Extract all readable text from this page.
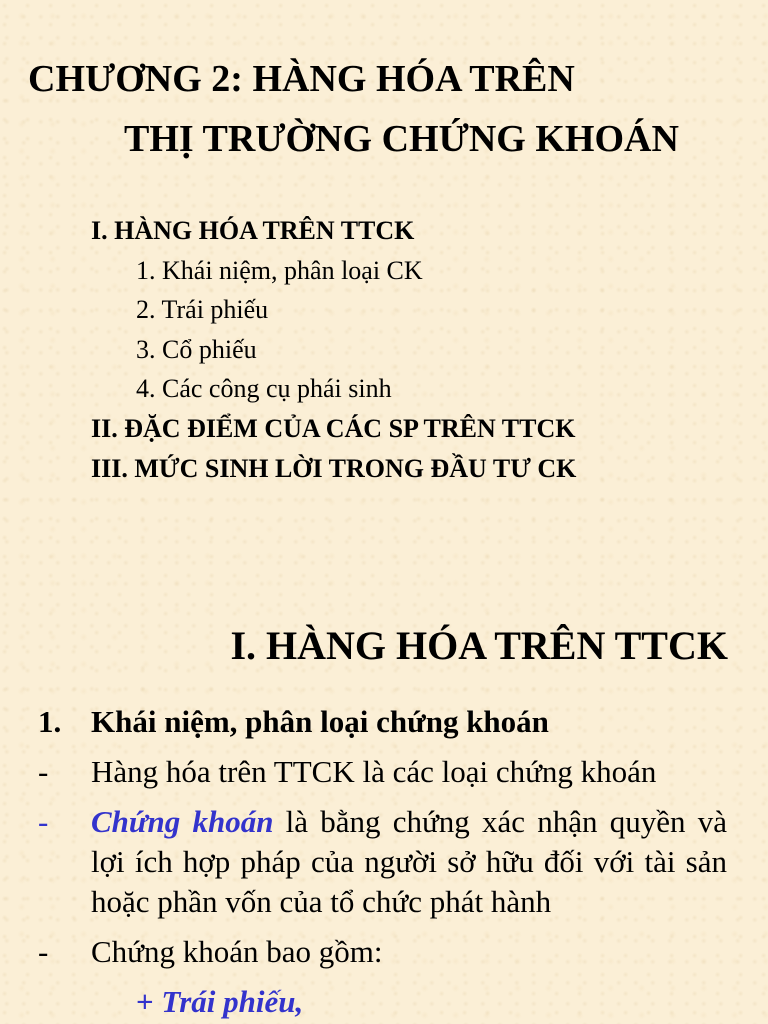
CHƯƠNG 2: HÀNG HÓA TRÊN
THỊ TRƯỜNG CHỨNG KHOÁN
I. HÀNG HÓA TRÊN TTCK
1. Khái niệm, phân loại CK
2. Trái phiếu
3. Cổ phiếu
4. Các công cụ phái sinh
II. ĐẶC ĐIỂM CỦA CÁC SP TRÊN TTCK
III. MỨC SINH LỜI TRONG ĐẦU TƯ CK
I. HÀNG HÓA TRÊN TTCK
1. Khái niệm, phân loại chứng khoán
-	Hàng hóa trên TTCK là các loại chứng khoán
-	Chứng khoán là bằng chứng xác nhận quyền và lợi ích hợp pháp của người sở hữu đối với tài sản hoặc phần vốn của tổ chức phát hành
-	Chứng khoán bao gồm:
+ Trái phiếu,
